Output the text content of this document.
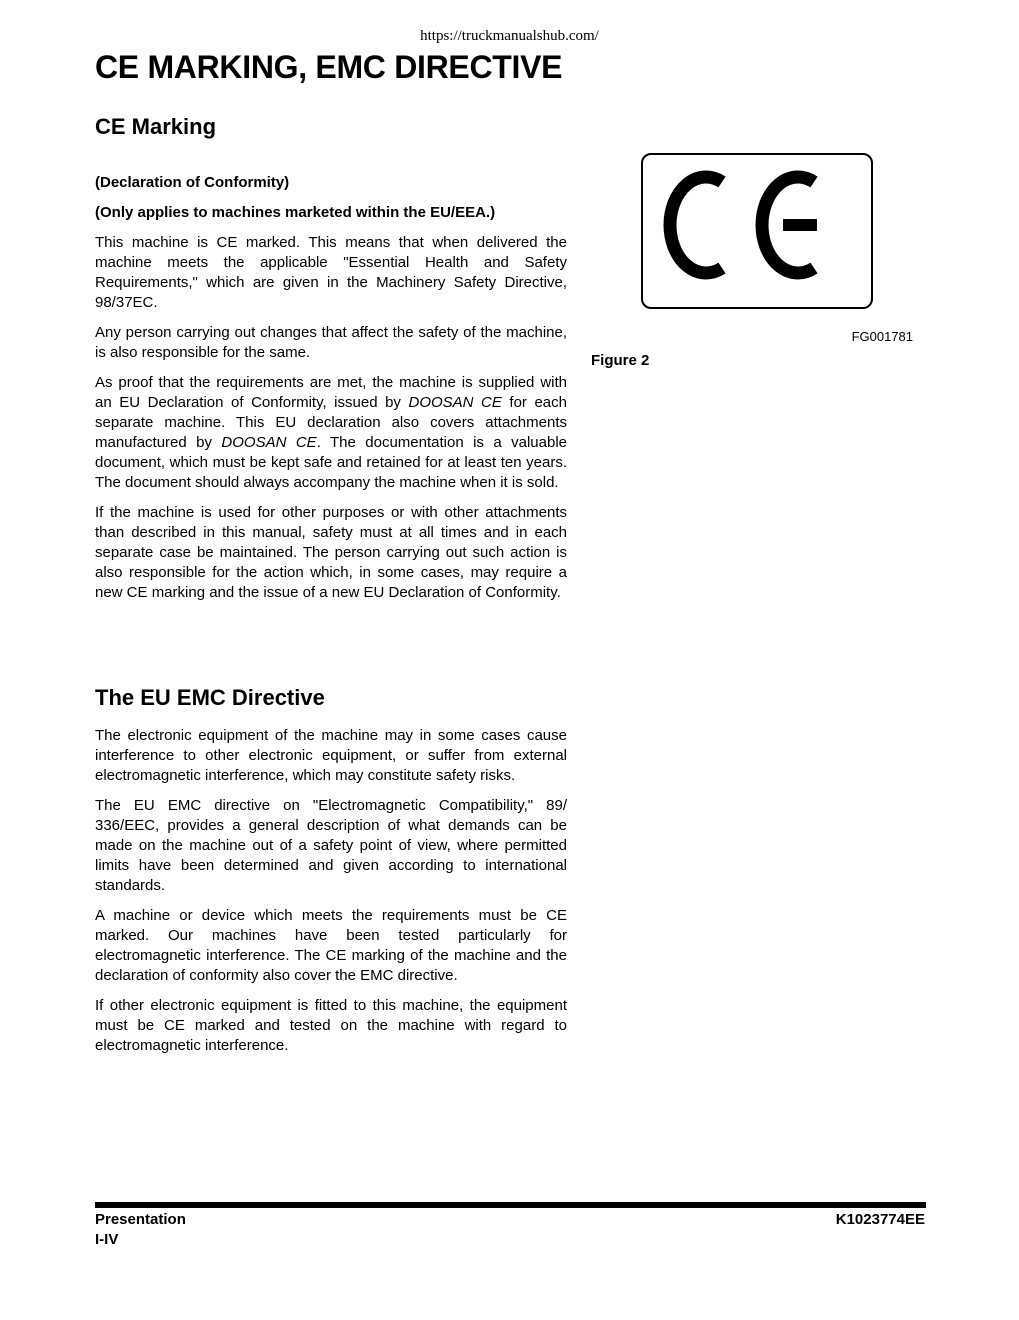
https://truckmanualshub.com/
CE MARKING, EMC DIRECTIVE
CE Marking
(Declaration of Conformity)
(Only applies to machines marketed within the EU/EEA.)

This machine is CE marked. This means that when delivered the machine meets the applicable "Essential Health and Safety Requirements," which are given in the Machinery Safety Directive, 98/37EC.

Any person carrying out changes that affect the safety of the machine, is also responsible for the same.

As proof that the requirements are met, the machine is supplied with an EU Declaration of Conformity, issued by DOOSAN CE for each separate machine. This EU declaration also covers attachments manufactured by DOOSAN CE. The documentation is a valuable document, which must be kept safe and retained for at least ten years. The document should always accompany the machine when it is sold.

If the machine is used for other purposes or with other attachments than described in this manual, safety must at all times and in each separate case be maintained. The person carrying out such action is also responsible for the action which, in some cases, may require a new CE marking and the issue of a new EU Declaration of Conformity.

The EU EMC Directive

The electronic equipment of the machine may in some cases cause interference to other electronic equipment, or suffer from external electromagnetic interference, which may constitute safety risks.

The EU EMC directive on "Electromagnetic Compatibility," 89/ 336/EEC, provides a general description of what demands can be made on the machine out of a safety point of view, where permitted limits have been determined and given according to international standards.

A machine or device which meets the requirements must be CE marked. Our machines have been tested particularly for electromagnetic interference. The CE marking of the machine and the declaration of conformity also cover the EMC directive.

If other electronic equipment is fitted to this machine, the equipment must be CE marked and tested on the machine with regard to electromagnetic interference.

FG001781
Figure 2
Presentation
I-IV
K1023774EE
